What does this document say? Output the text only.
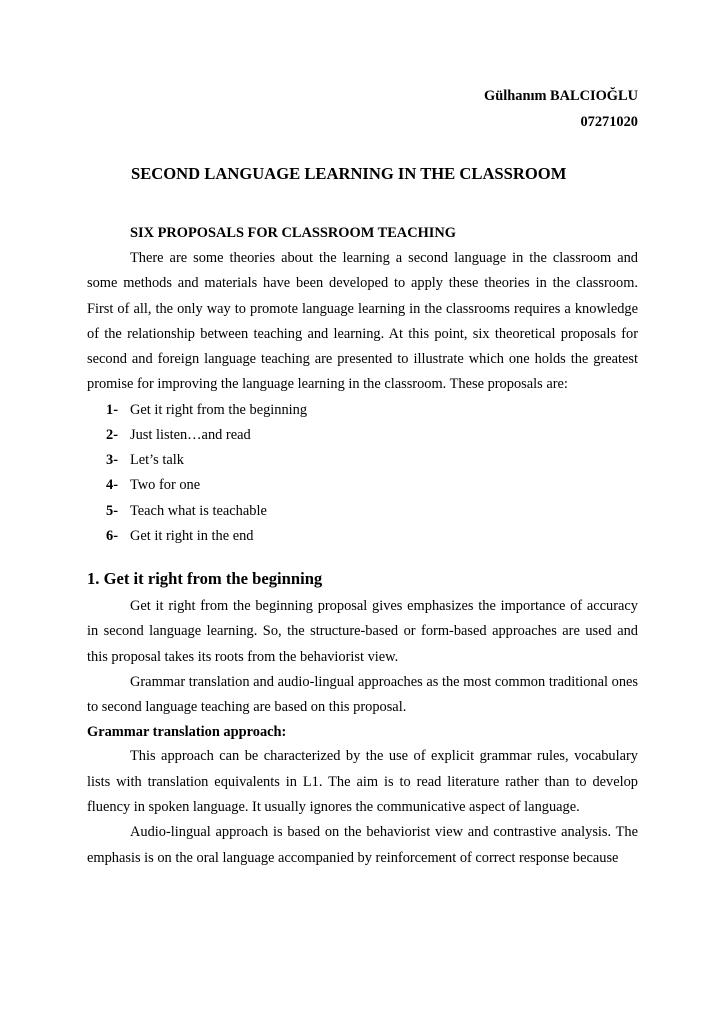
Gülhanım BALCIOĞLU
07271020
SECOND LANGUAGE LEARNING IN THE CLASSROOM
SIX PROPOSALS FOR CLASSROOM TEACHING

There are some theories about the learning a second language in the classroom and some methods and materials have been developed to apply these theories in the classroom. First of all, the only way to promote language learning in the classrooms requires a knowledge of the relationship between teaching and learning. At this point, six theoretical proposals for second and foreign language teaching are presented to illustrate which one holds the greatest promise for improving the language learning in the classroom. These proposals are:

1- Get it right from the beginning
2- Just listen…and read
3- Let’s talk
4- Two for one
5- Teach what is teachable
6- Get it right in the end
1. Get it right from the beginning

Get it right from the beginning proposal gives emphasizes the importance of accuracy in second language learning. So, the structure-based or form-based approaches are used and this proposal takes its roots from the behaviorist view.

Grammar translation and audio-lingual approaches as the most common traditional ones to second language teaching are based on this proposal.

Grammar translation approach:

This approach can be characterized by the use of explicit grammar rules, vocabulary lists with translation equivalents in L1. The aim is to read literature rather than to develop fluency in spoken language. It usually ignores the communicative aspect of language.

Audio-lingual approach is based on the behaviorist view and contrastive analysis. The emphasis is on the oral language accompanied by reinforcement of correct response because
